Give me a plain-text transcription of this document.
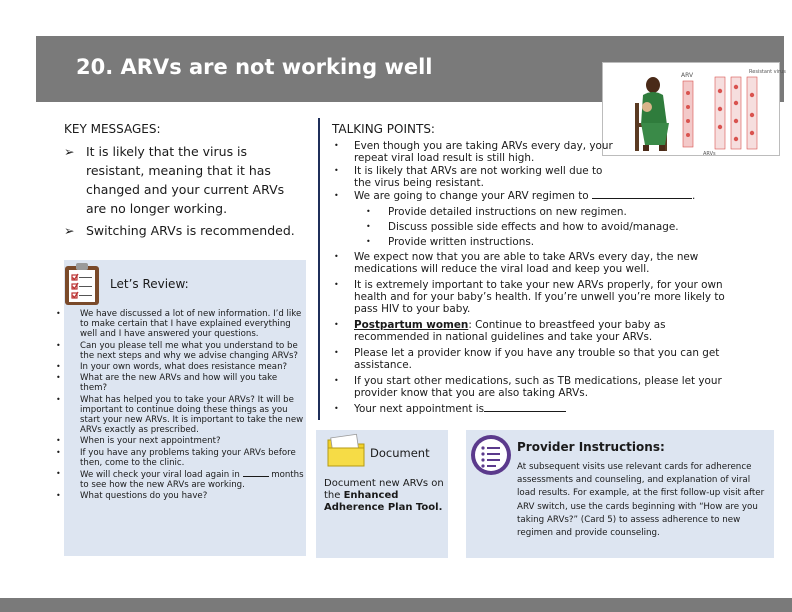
20. ARVs are not working well	ARV	Resistant virus
ARVs
KEY MESSAGES:
➢ It is likely that the virus is resistant, meaning that it has changed and your current ARVs are no longer working.
➢ Switching ARVs is recommended.
Let’s Review:
• We have discussed a lot of new information. I’d like to make certain that I have explained everything well and I have answered your questions.
• Can you please tell me what you understand to be the next steps and why we advise changing ARVs?
• In your own words, what does resistance mean?
• What are the new ARVs and how will you take them?
• What has helped you to take your ARVs? It will be important to continue doing these things as you start your new ARVs. It is important to take the new ARVs exactly as prescribed.
• When is your next appointment?
• If you have any problems taking your ARVs before then, come to the clinic.
• We will check your viral load again in	months to see how the new ARVs are working.
• What questions do you have?
TALKING POINTS:
• Even though you are taking ARVs every day, your repeat viral load result is still high.
• It is likely that ARVs are not working well due to the virus being resistant.
• We are going to change your ARV regimen to	.
• Provide detailed instructions on new regimen.
• Discuss possible side effects and how to avoid/manage.
• Provide written instructions.
• We expect now that you are able to take ARVs every day, the new medications will reduce the viral load and keep you well.
• It is extremely important to take your new ARVs properly, for your own health and for your baby’s health. If you’re unwell you’re more likely to pass HIV to your baby.
• Postpartum women: Continue to breastfeed your baby as recommended in national guidelines and take your ARVs.
• Please let a provider know if you have any trouble so that you can get assistance.
• If you start other medications, such as TB medications, please let your provider know that you are also taking ARVs.
• Your next appointment is
Document
Document new ARVs on the Enhanced Adherence Plan Tool.
Provider Instructions:
At subsequent visits use relevant cards for adherence assessments and counseling, and explanation of viral load results. For example, at the first follow-up visit after ARV switch, use the cards beginning with “How are you taking ARVs?” (Card 5) to assess adherence to new regimen and provide counseling.
